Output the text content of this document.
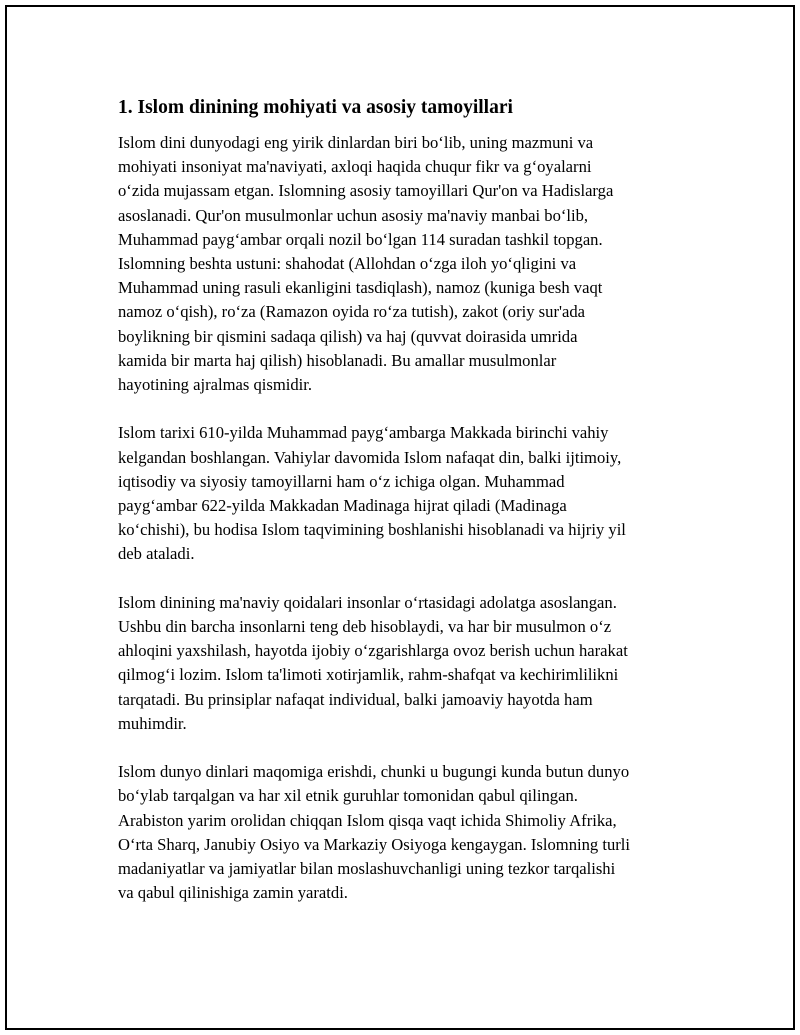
1. Islom dinining mohiyati va asosiy tamoyillari

Islom dini dunyodagi eng yirik dinlardan biri bo‘lib, uning mazmuni va
mohiyati insoniyat ma'naviyati, axloqi haqida chuqur fikr va g‘oyalarni
o‘zida mujassam etgan. Islomning asosiy tamoyillari Qur'on va Hadislarga
asoslanadi. Qur'on musulmonlar uchun asosiy ma'naviy manbai bo‘lib,
Muhammad payg‘ambar orqali nozil bo‘lgan 114 suradan tashkil topgan.
Islomning beshta ustuni: shahodat (Allohdan o‘zga iloh yo‘qligini va
Muhammad uning rasuli ekanligini tasdiqlash), namoz (kuniga besh vaqt
namoz o‘qish), ro‘za (Ramazon oyida ro‘za tutish), zakot (oriy sur'ada
boylikning bir qismini sadaqa qilish) va haj (quvvat doirasida umrida
kamida bir marta haj qilish) hisoblanadi. Bu amallar musulmonlar
hayotining ajralmas qismidir.

Islom tarixi 610-yilda Muhammad payg‘ambarga Makkada birinchi vahiy
kelgandan boshlangan. Vahiylar davomida Islom nafaqat din, balki ijtimoiy,
iqtisodiy va siyosiy tamoyillarni ham o‘z ichiga olgan. Muhammad
payg‘ambar 622-yilda Makkadan Madinaga hijrat qiladi (Madinaga
ko‘chishi), bu hodisa Islom taqvimining boshlanishi hisoblanadi va hijriy yil
deb ataladi.

Islom dinining ma'naviy qoidalari insonlar o‘rtasidagi adolatga asoslangan.
Ushbu din barcha insonlarni teng deb hisoblaydi, va har bir musulmon o‘z
ahloqini yaxshilash, hayotda ijobiy o‘zgarishlarga ovoz berish uchun harakat
qilmog‘i lozim. Islom ta'limoti xotirjamlik, rahm-shafqat va kechirimlilikni
tarqatadi. Bu prinsiplar nafaqat individual, balki jamoaviy hayotda ham
muhimdir.

Islom dunyo dinlari maqomiga erishdi, chunki u bugungi kunda butun dunyo
bo‘ylab tarqalgan va har xil etnik guruhlar tomonidan qabul qilingan.
Arabiston yarim orolidan chiqqan Islom qisqa vaqt ichida Shimoliy Afrika,
O‘rta Sharq, Janubiy Osiyo va Markaziy Osiyoga kengaygan. Islomning turli
madaniyatlar va jamiyatlar bilan moslashuvchanligi uning tezkor tarqalishi
va qabul qilinishiga zamin yaratdi.
